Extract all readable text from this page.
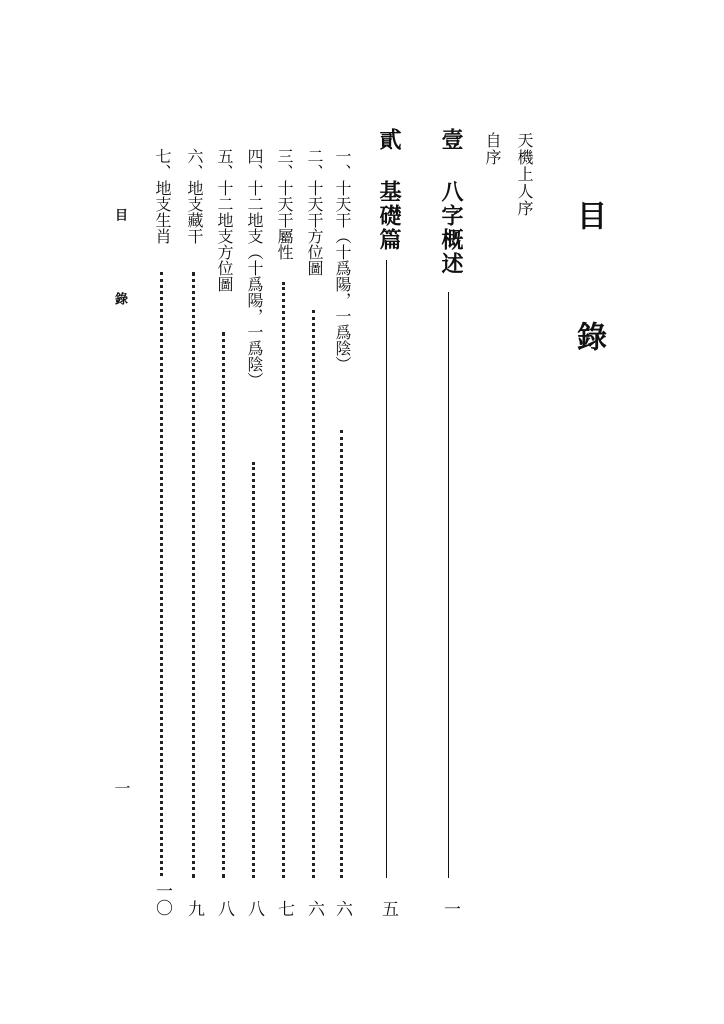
目 錄
天機上人序
自序
壹
八字概述
一
貳
基礎篇
五
一、十天干︵十爲陽，一爲陰︶
六
二、十天干方位圖
六
三、十天干屬性
七
四、十二地支︵十爲陽，一爲陰︶
八
五、十二地支方位圖
八
六、地支藏干
九
七、地支生肖
一〇
目 錄
一
